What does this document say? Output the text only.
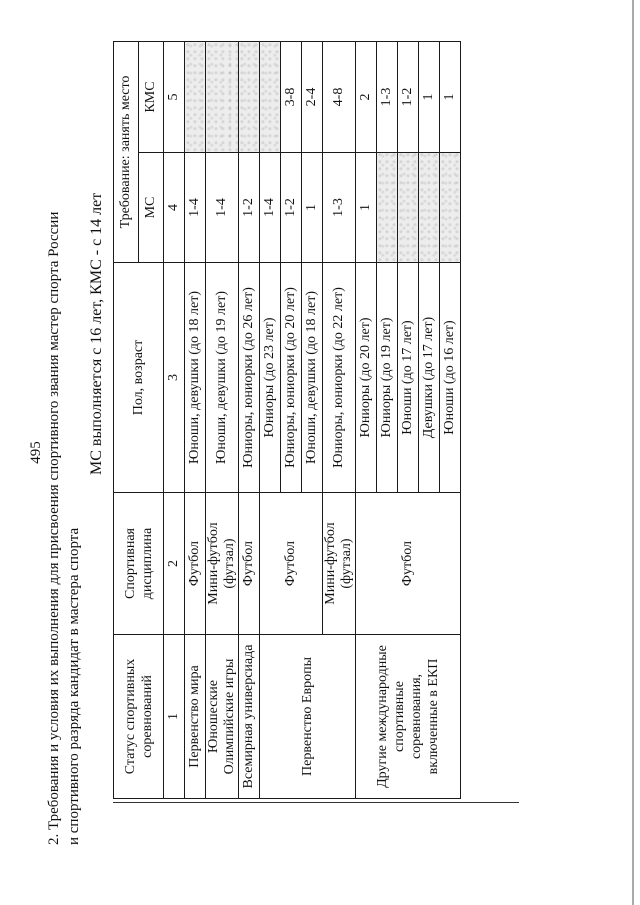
495 2. Требования и условия их выполнения для присвоения спортивного звания мастер спорта России и спортивного разряда кандидат в мастера спорта
МС выполняется с 16 лет, КМС - с 14 лет
Статус спортивных соревнований	Спортивная дисциплина	Пол, возраст	Требование: занять место	
			МС	КМС
1	2	3	4	5
Первенство мира	Футбол	Юноши, девушки (до 18 лет)	1-4	
Юношеские Олимпийские игры	Мини-футбол (футзал)	Юноши, девушки (до 19 лет)	1-4	
Всемирная универсиада	Футбол	Юниоры, юниорки (до 26 лет)	1-2	
Первенство Европы	Футбол	Юниоры (до 23 лет)	1-4	
		Юниоры, юниорки (до 20 лет)	1-2	3-8
		Юноши, девушки (до 18 лет)	1	2-4
	Мини-футбол (футзал)	Юниоры, юниорки (до 22 лет)	1-3	4-8
Другие международные спортивные соревнования, включенные в ЕКП	Футбол	Юниоры (до 20 лет)	1	2
		Юниоры (до 19 лет)		1-3
		Юноши (до 17 лет)		1-2
		Девушки (до 17 лет)		1
		Юноши (до 16 лет)		1
